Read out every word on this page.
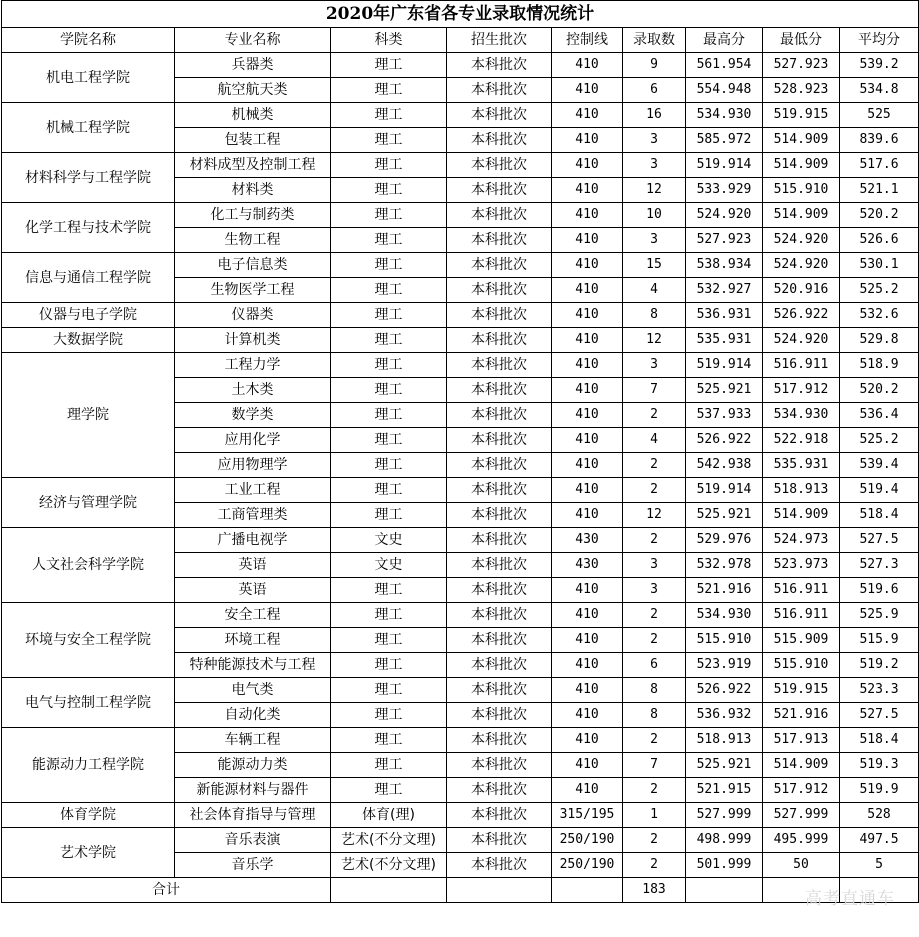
2020年广东省各专业录取情况统计								
学院名称	专业名称	科类	招生批次	控制线	录取数	最高分	最低分	平均分
机电工程学院	兵器类	理工	本科批次	410	9	561.954	527.923	539.2
	航空航天类	理工	本科批次	410	6	554.948	528.923	534.8
机械工程学院	机械类	理工	本科批次	410	16	534.930	519.915	525
	包装工程	理工	本科批次	410	3	585.972	514.909	839.6
材料科学与工程学院	材料成型及控制工程	理工	本科批次	410	3	519.914	514.909	517.6
	材料类	理工	本科批次	410	12	533.929	515.910	521.1
化学工程与技术学院	化工与制药类	理工	本科批次	410	10	524.920	514.909	520.2
	生物工程	理工	本科批次	410	3	527.923	524.920	526.6
信息与通信工程学院	电子信息类	理工	本科批次	410	15	538.934	524.920	530.1
	生物医学工程	理工	本科批次	410	4	532.927	520.916	525.2
仪器与电子学院	仪器类	理工	本科批次	410	8	536.931	526.922	532.6
大数据学院	计算机类	理工	本科批次	410	12	535.931	524.920	529.8
理学院	工程力学	理工	本科批次	410	3	519.914	516.911	518.9
	土木类	理工	本科批次	410	7	525.921	517.912	520.2
	数学类	理工	本科批次	410	2	537.933	534.930	536.4
	应用化学	理工	本科批次	410	4	526.922	522.918	525.2
	应用物理学	理工	本科批次	410	2	542.938	535.931	539.4
经济与管理学院	工业工程	理工	本科批次	410	2	519.914	518.913	519.4
	工商管理类	理工	本科批次	410	12	525.921	514.909	518.4
人文社会科学学院	广播电视学	文史	本科批次	430	2	529.976	524.973	527.5
	英语	文史	本科批次	430	3	532.978	523.973	527.3
	英语	理工	本科批次	410	3	521.916	516.911	519.6
环境与安全工程学院	安全工程	理工	本科批次	410	2	534.930	516.911	525.9
	环境工程	理工	本科批次	410	2	515.910	515.909	515.9
	特种能源技术与工程	理工	本科批次	410	6	523.919	515.910	519.2
电气与控制工程学院	电气类	理工	本科批次	410	8	526.922	519.915	523.3
	自动化类	理工	本科批次	410	8	536.932	521.916	527.5
能源动力工程学院	车辆工程	理工	本科批次	410	2	518.913	517.913	518.4
	能源动力类	理工	本科批次	410	7	525.921	514.909	519.3
	新能源材料与器件	理工	本科批次	410	2	521.915	517.912	519.9
体育学院	社会体育指导与管理	体育(理)	本科批次	315/195	1	527.999	527.999	528
艺术学院	音乐表演	艺术(不分文理)	本科批次	250/190	2	498.999	495.999	497.5
	音乐学	艺术(不分文理)	本科批次	250/190	2	501.999	50	5
合计					183				高考直通车
